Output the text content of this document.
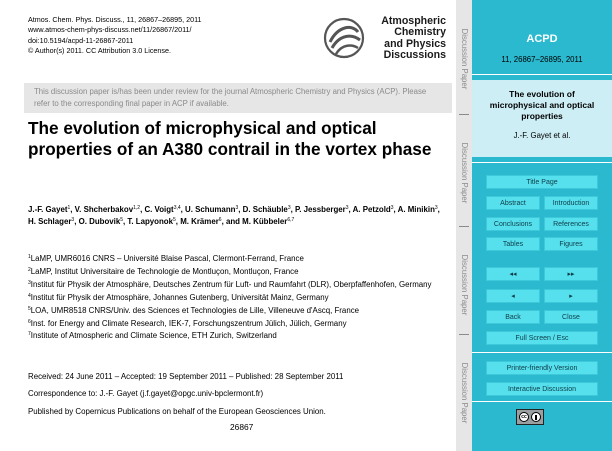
Atmos. Chem. Phys. Discuss., 11, 26867–26895, 2011
www.atmos-chem-phys-discuss.net/11/26867/2011/
doi:10.5194/acpd-11-26867-2011
© Author(s) 2011. CC Attribution 3.0 License.
Atmospheric
Chemistry
and Physics
Discussions
This discussion paper is/has been under review for the journal Atmospheric Chemistry and Physics (ACP). Please refer to the corresponding final paper in ACP if available.
The evolution of microphysical and optical properties of an A380 contrail in the vortex phase
J.-F. Gayet$^1$, V. Shcherbakov$^{1,2}$, C. Voigt$^{3,4}$, U. Schumann$^3$, D. Schäuble$^3$, P. Jessberger$^3$, A. Petzold$^3$, A. Minikin$^3$, H. Schlager$^3$, O. Dubovik$^5$, T. Lapyonok$^5$, M. Krämer$^6$, and M. Kübbeler$^{6,7}$
$^1$LaMP, UMR6016 CNRS – Université Blaise Pascal, Clermont-Ferrand, France
$^2$LaMP, Institut Universitaire de Technologie de Montluçon, Montluçon, France
$^3$Institut für Physik der Atmosphäre, Deutsches Zentrum für Luft- und Raumfahrt (DLR), Oberpfaffenhofen, Germany
$^4$Institut für Physik der Atmosphäre, Johannes Gutenberg, Universität Mainz, Germany
$^5$LOA, UMR8518 CNRS/Univ. des Sciences et Technologies de Lille, Villeneuve d'Ascq, France
$^6$Inst. for Energy and Climate Research, IEK-7, Forschungszentrum Jülich, Jülich, Germany
$^7$Institute of Atmospheric and Climate Science, ETH Zurich, Switzerland
Received: 24 June 2011 – Accepted: 19 September 2011 – Published: 28 September 2011
Correspondence to: J.-F. Gayet (j.f.gayet@opgc.univ-bpclermont.fr)
Published by Copernicus Publications on behalf of the European Geosciences Union.
26867
Discussion Paper
Discussion Paper
Discussion Paper
Discussion Paper
ACPD
11, 26867–26895, 2011
The evolution of microphysical and optical properties
J.-F. Gayet et al.
Title Page
Abstract	Introduction
Conclusions	References
Tables	Figures
◂◂	▸▸
◂	▸
Back	Close
Full Screen / Esc
Printer-friendly Version
Interactive Discussion
cc
